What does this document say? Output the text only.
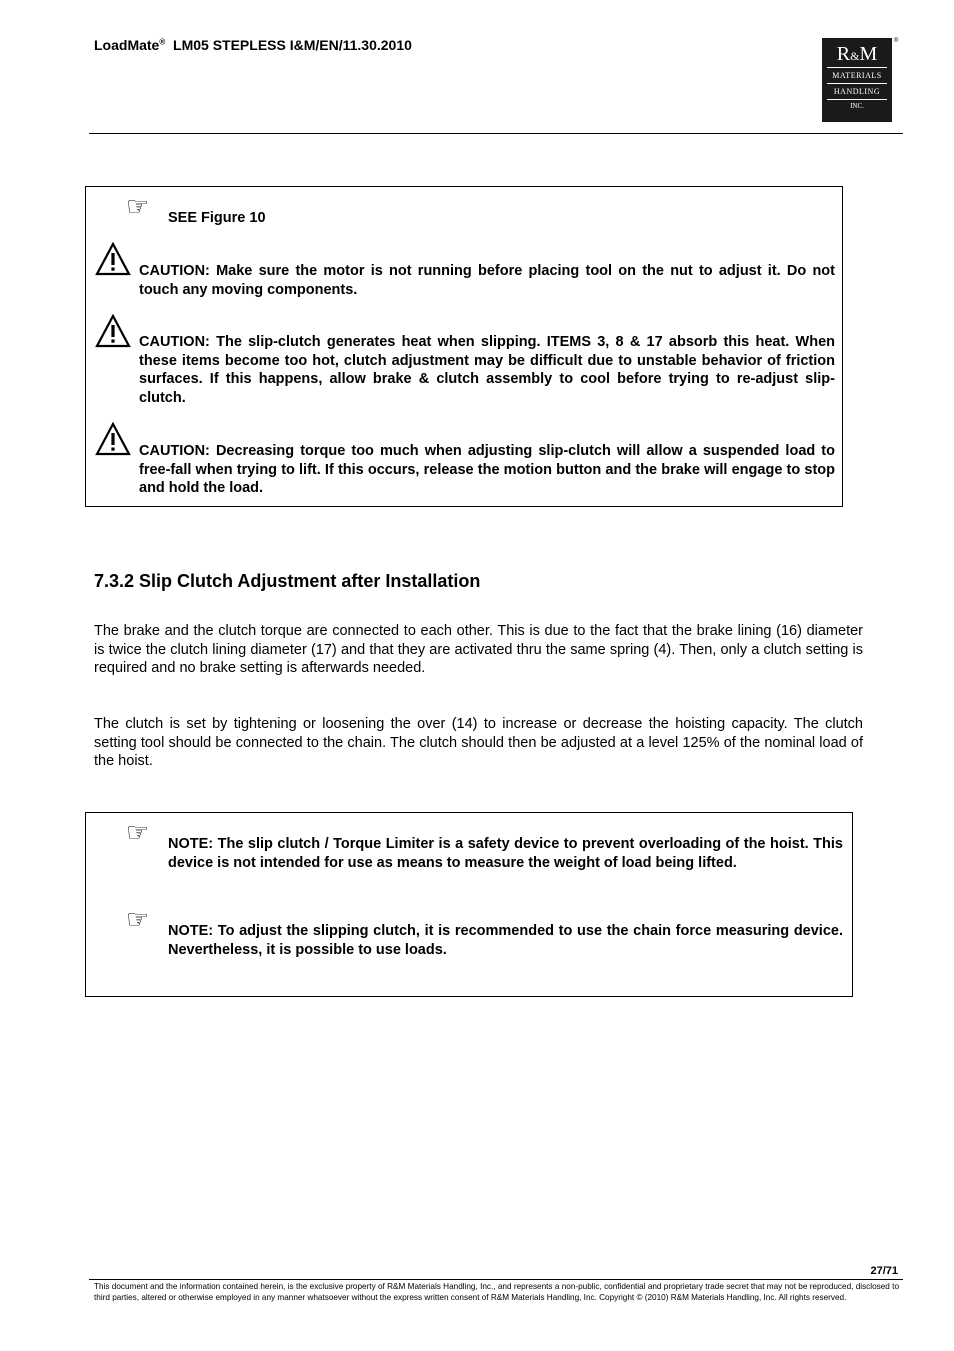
LoadMate® LM05 STEPLESS I&M/EN/11.30.2010	R&M
MATERIALS
HANDLING
INC.
®
☞ SEE Figure 10
CAUTION: Make sure the motor is not running before placing tool on the nut to adjust it. Do not touch any moving components.
CAUTION: The slip-clutch generates heat when slipping. ITEMS 3, 8 & 17 absorb this heat. When these items become too hot, clutch adjustment may be difficult due to unstable behavior of friction surfaces. If this happens, allow brake & clutch assembly to cool before trying to re-adjust slip-clutch.
CAUTION: Decreasing torque too much when adjusting slip-clutch will allow a suspended load to free-fall when trying to lift. If this occurs, release the motion button and the brake will engage to stop and hold the load.
7.3.2 Slip Clutch Adjustment after Installation
The brake and the clutch torque are connected to each other. This is due to the fact that the brake lining (16) diameter is twice the clutch lining diameter (17) and that they are activated thru the same spring (4). Then, only a clutch setting is required and no brake setting is afterwards needed.
The clutch is set by tightening or loosening the over (14) to increase or decrease the hoisting capacity. The clutch setting tool should be connected to the chain. The clutch should then be adjusted at a level 125% of the nominal load of the hoist.
☞ NOTE: The slip clutch / Torque Limiter is a safety device to prevent overloading of the hoist. This device is not intended for use as means to measure the weight of load being lifted.
☞ NOTE: To adjust the slipping clutch, it is recommended to use the chain force measuring device. Nevertheless, it is possible to use loads.
27/71
This document and the information contained herein, is the exclusive property of R&M Materials Handling, Inc., and represents a non-public, confidential and proprietary trade secret that may not be reproduced, disclosed to third parties, altered or otherwise employed in any manner whatsoever without the express written consent of R&M Materials Handling, Inc. Copyright © (2010) R&M Materials Handling, Inc. All rights reserved.
